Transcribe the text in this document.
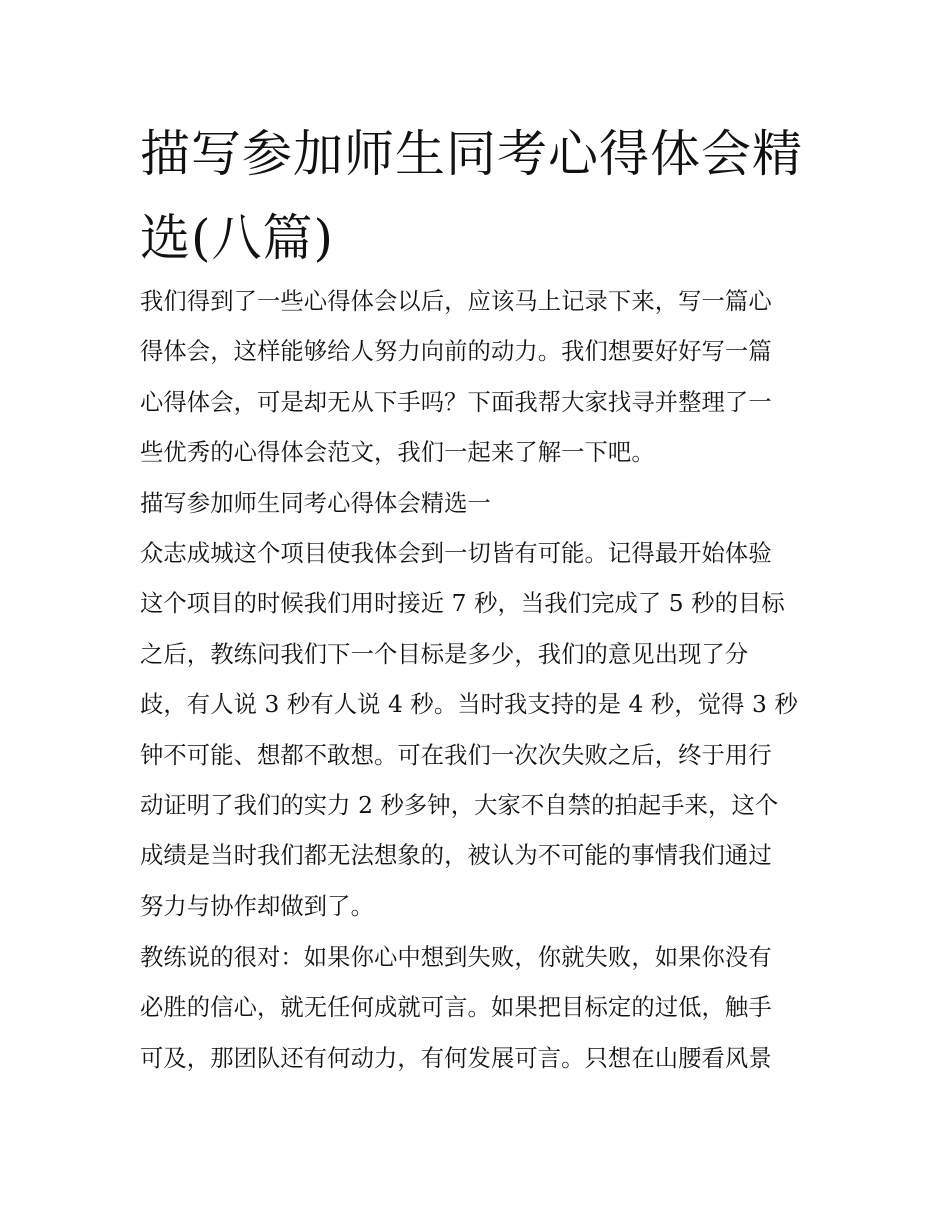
描写参加师生同考心得体会精
选(八篇)

我们得到了一些心得体会以后，应该马上记录下来，写一篇心
得体会，这样能够给人努力向前的动力。我们想要好好写一篇
心得体会，可是却无从下手吗？下面我帮大家找寻并整理了一
些优秀的心得体会范文，我们一起来了解一下吧。

描写参加师生同考心得体会精选一

众志成城这个项目使我体会到一切皆有可能。记得最开始体验
这个项目的时候我们用时接近 7 秒，当我们完成了 5 秒的目标
之后，教练问我们下一个目标是多少，我们的意见出现了分
歧，有人说 3 秒有人说 4 秒。当时我支持的是 4 秒，觉得 3 秒
钟不可能、想都不敢想。可在我们一次次失败之后，终于用行
动证明了我们的实力 2 秒多钟，大家不自禁的拍起手来，这个
成绩是当时我们都无法想象的，被认为不可能的事情我们通过
努力与协作却做到了。

教练说的很对：如果你心中想到失败，你就失败，如果你没有
必胜的信心，就无任何成就可言。如果把目标定的过低，触手
可及，那团队还有何动力，有何发展可言。只想在山腰看风景
